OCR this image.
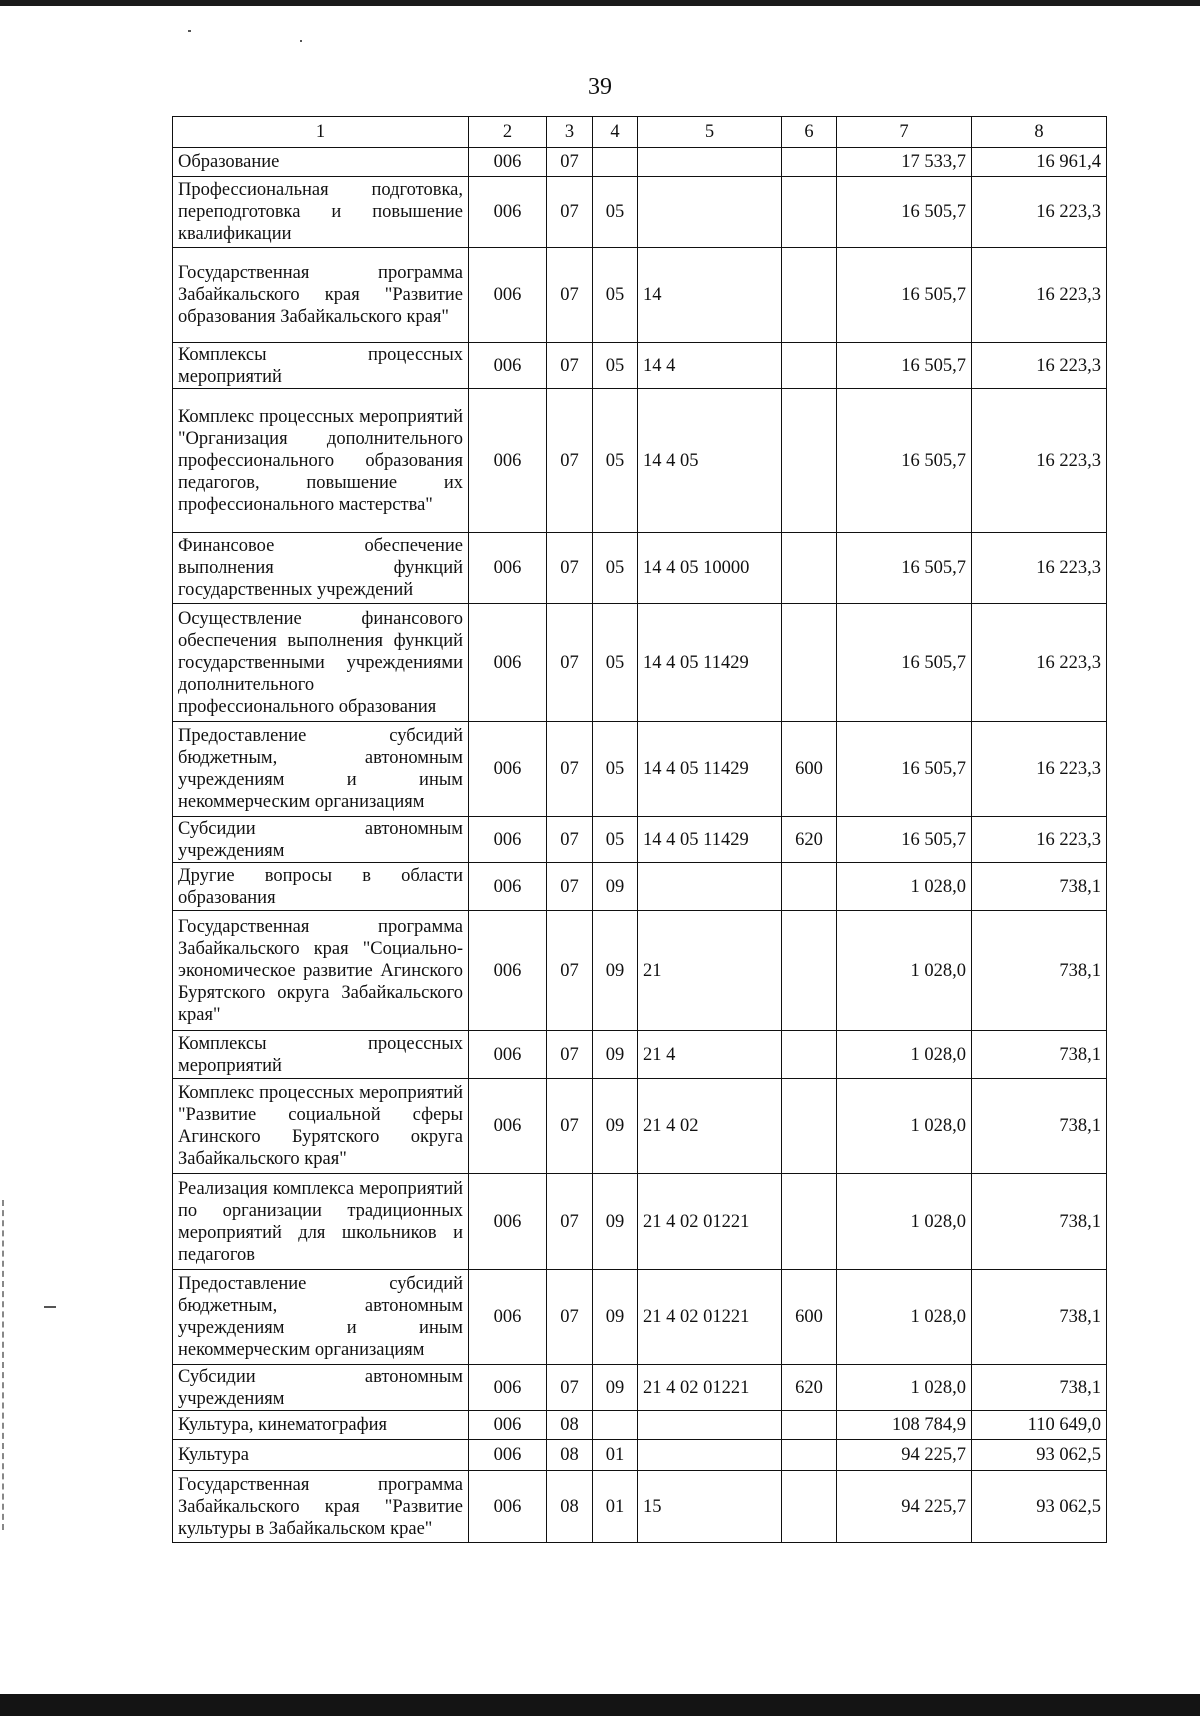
39
1	2	3	4	5	6	7	8
Образование	006	07				17 533,7	16 961,4
Профессиональная подготовка, переподготовка и повышение квалификации	006	07	05			16 505,7	16 223,3
Государственная программа Забайкальского края "Развитие образования Забайкальского края"	006	07	05	14		16 505,7	16 223,3
Комплексы процессных мероприятий	006	07	05	14 4		16 505,7	16 223,3
Комплекс процессных мероприятий "Организация дополнительного профессионального образования педагогов, повышение их профессионального мастерства"	006	07	05	14 4 05		16 505,7	16 223,3
Финансовое обеспечение выполнения функций государственных учреждений	006	07	05	14 4 05 10000		16 505,7	16 223,3
Осуществление финансового обеспечения выполнения функций государственными учреждениями дополнительного профессионального образования	006	07	05	14 4 05 11429		16 505,7	16 223,3
Предоставление субсидий бюджетным, автономным учреждениям и иным некоммерческим организациям	006	07	05	14 4 05 11429	600	16 505,7	16 223,3
Субсидии автономным учреждениям	006	07	05	14 4 05 11429	620	16 505,7	16 223,3
Другие вопросы в области образования	006	07	09			1 028,0	738,1
Государственная программа Забайкальского края "Социально-экономическое развитие Агинского Бурятского округа Забайкальского края"	006	07	09	21		1 028,0	738,1
Комплексы процессных мероприятий	006	07	09	21 4		1 028,0	738,1
Комплекс процессных мероприятий "Развитие социальной сферы Агинского Бурятского округа Забайкальского края"	006	07	09	21 4 02		1 028,0	738,1
Реализация комплекса мероприятий по организации традиционных мероприятий для школьников и педагогов	006	07	09	21 4 02 01221		1 028,0	738,1
Предоставление субсидий бюджетным, автономным учреждениям и иным некоммерческим организациям	006	07	09	21 4 02 01221	600	1 028,0	738,1
Субсидии автономным учреждениям	006	07	09	21 4 02 01221	620	1 028,0	738,1
Культура, кинематография	006	08				108 784,9	110 649,0
Культура	006	08	01			94 225,7	93 062,5
Государственная программа Забайкальского края "Развитие культуры в Забайкальском крае"	006	08	01	15		94 225,7	93 062,5
